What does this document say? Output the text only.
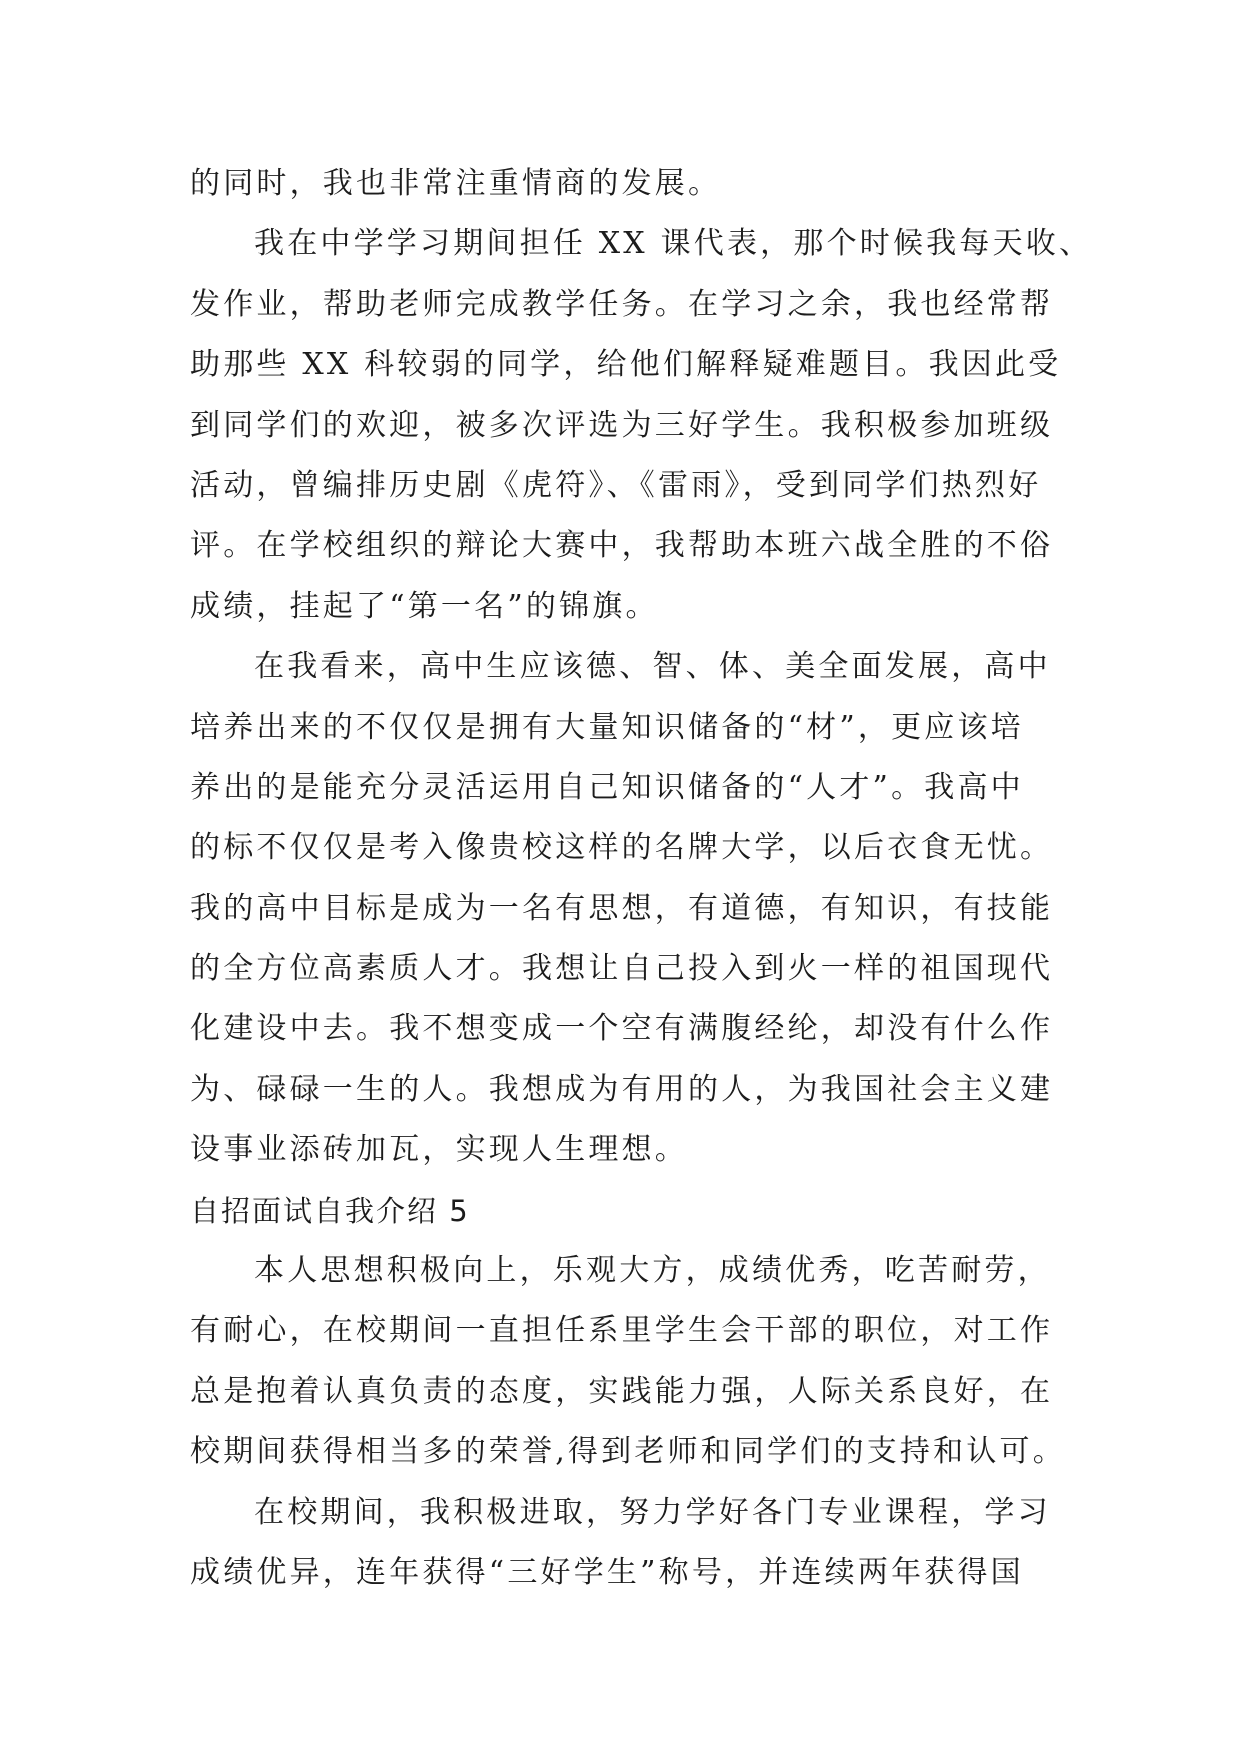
的同时，我也非常注重情商的发展。
我在中学学习期间担任 XX 课代表，那个时候我每天收、
发作业，帮助老师完成教学任务。在学习之余，我也经常帮
助那些 XX 科较弱的同学，给他们解释疑难题目。我因此受
到同学们的欢迎，被多次评选为三好学生。我积极参加班级
活动，曾编排历史剧《虎符》、《雷雨》，受到同学们热烈好
评。在学校组织的辩论大赛中，我帮助本班六战全胜的不俗
成绩，挂起了“第一名”的锦旗。
在我看来，高中生应该德、智、体、美全面发展，高中
培养出来的不仅仅是拥有大量知识储备的“材”，更应该培
养出的是能充分灵活运用自己知识储备的“人才”。我高中
的标不仅仅是考入像贵校这样的名牌大学，以后衣食无忧。
我的高中目标是成为一名有思想，有道德，有知识，有技能
的全方位高素质人才。我想让自己投入到火一样的祖国现代
化建设中去。我不想变成一个空有满腹经纶，却没有什么作
为、碌碌一生的人。我想成为有用的人，为我国社会主义建
设事业添砖加瓦，实现人生理想。
自招面试自我介绍 5
本人思想积极向上，乐观大方，成绩优秀，吃苦耐劳，
有耐心，在校期间一直担任系里学生会干部的职位，对工作
总是抱着认真负责的态度，实践能力强，人际关系良好，在
校期间获得相当多的荣誉,得到老师和同学们的支持和认可。
在校期间，我积极进取，努力学好各门专业课程，学习
成绩优异，连年获得“三好学生”称号，并连续两年获得国
